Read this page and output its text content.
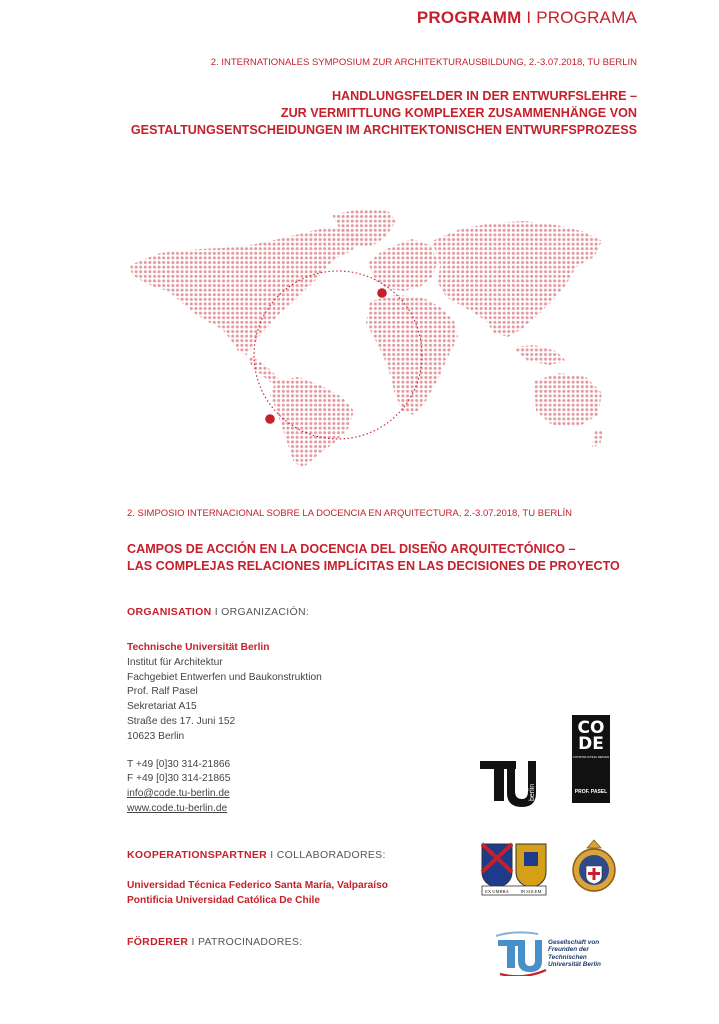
PROGRAMM I PROGRAMA
2. INTERNATIONALES SYMPOSIUM ZUR ARCHITEKTURAUSBILDUNG, 2.-3.07.2018, TU BERLIN
HANDLUNGSFELDER IN DER ENTWURFSLEHRE –
ZUR VERMITTLUNG KOMPLEXER ZUSAMMENHÄNGE VON
GESTALTUNGSENTSCHEIDUNGEN IM ARCHITEKTONISCHEN ENTWURFSPROZESS
2. SIMPOSIO INTERNACIONAL SOBRE LA DOCENCIA EN ARQUITECTURA, 2.-3.07.2018, TU BERLÍN
CAMPOS DE ACCIÓN EN LA DOCENCIA DEL DISEÑO ARQUITECTÓNICO –
LAS COMPLEJAS RELACIONES IMPLÍCITAS EN LAS DECISIONES DE PROYECTO
ORGANISATION I ORGANIZACIÓN:
Technische Universität Berlin
Institut für Architektur
Fachgebiet Entwerfen und Baukonstruktion
Prof. Ralf Pasel
Sekretariat A15
Straße des 17. Juni 152
10623 Berlin
T +49 [0]30 314-21866
F +49 [0]30 314-21865
info@code.tu-berlin.de
www.code.tu-berlin.de
berlin
CO
DE
CONSTRUCTING DESIGN
PROF. PASEL
KOOPERATIONSPARTNER I COLLABORADORES:
Universidad Técnica Federico Santa María, Valparaíso
Pontificia Universidad Católica De Chile
EX UMBRA	IN SOLEM
FÖRDERER I PATROCINADORES:	Gesellschaft von
Freunden der
Technischen
Universität Berlin
